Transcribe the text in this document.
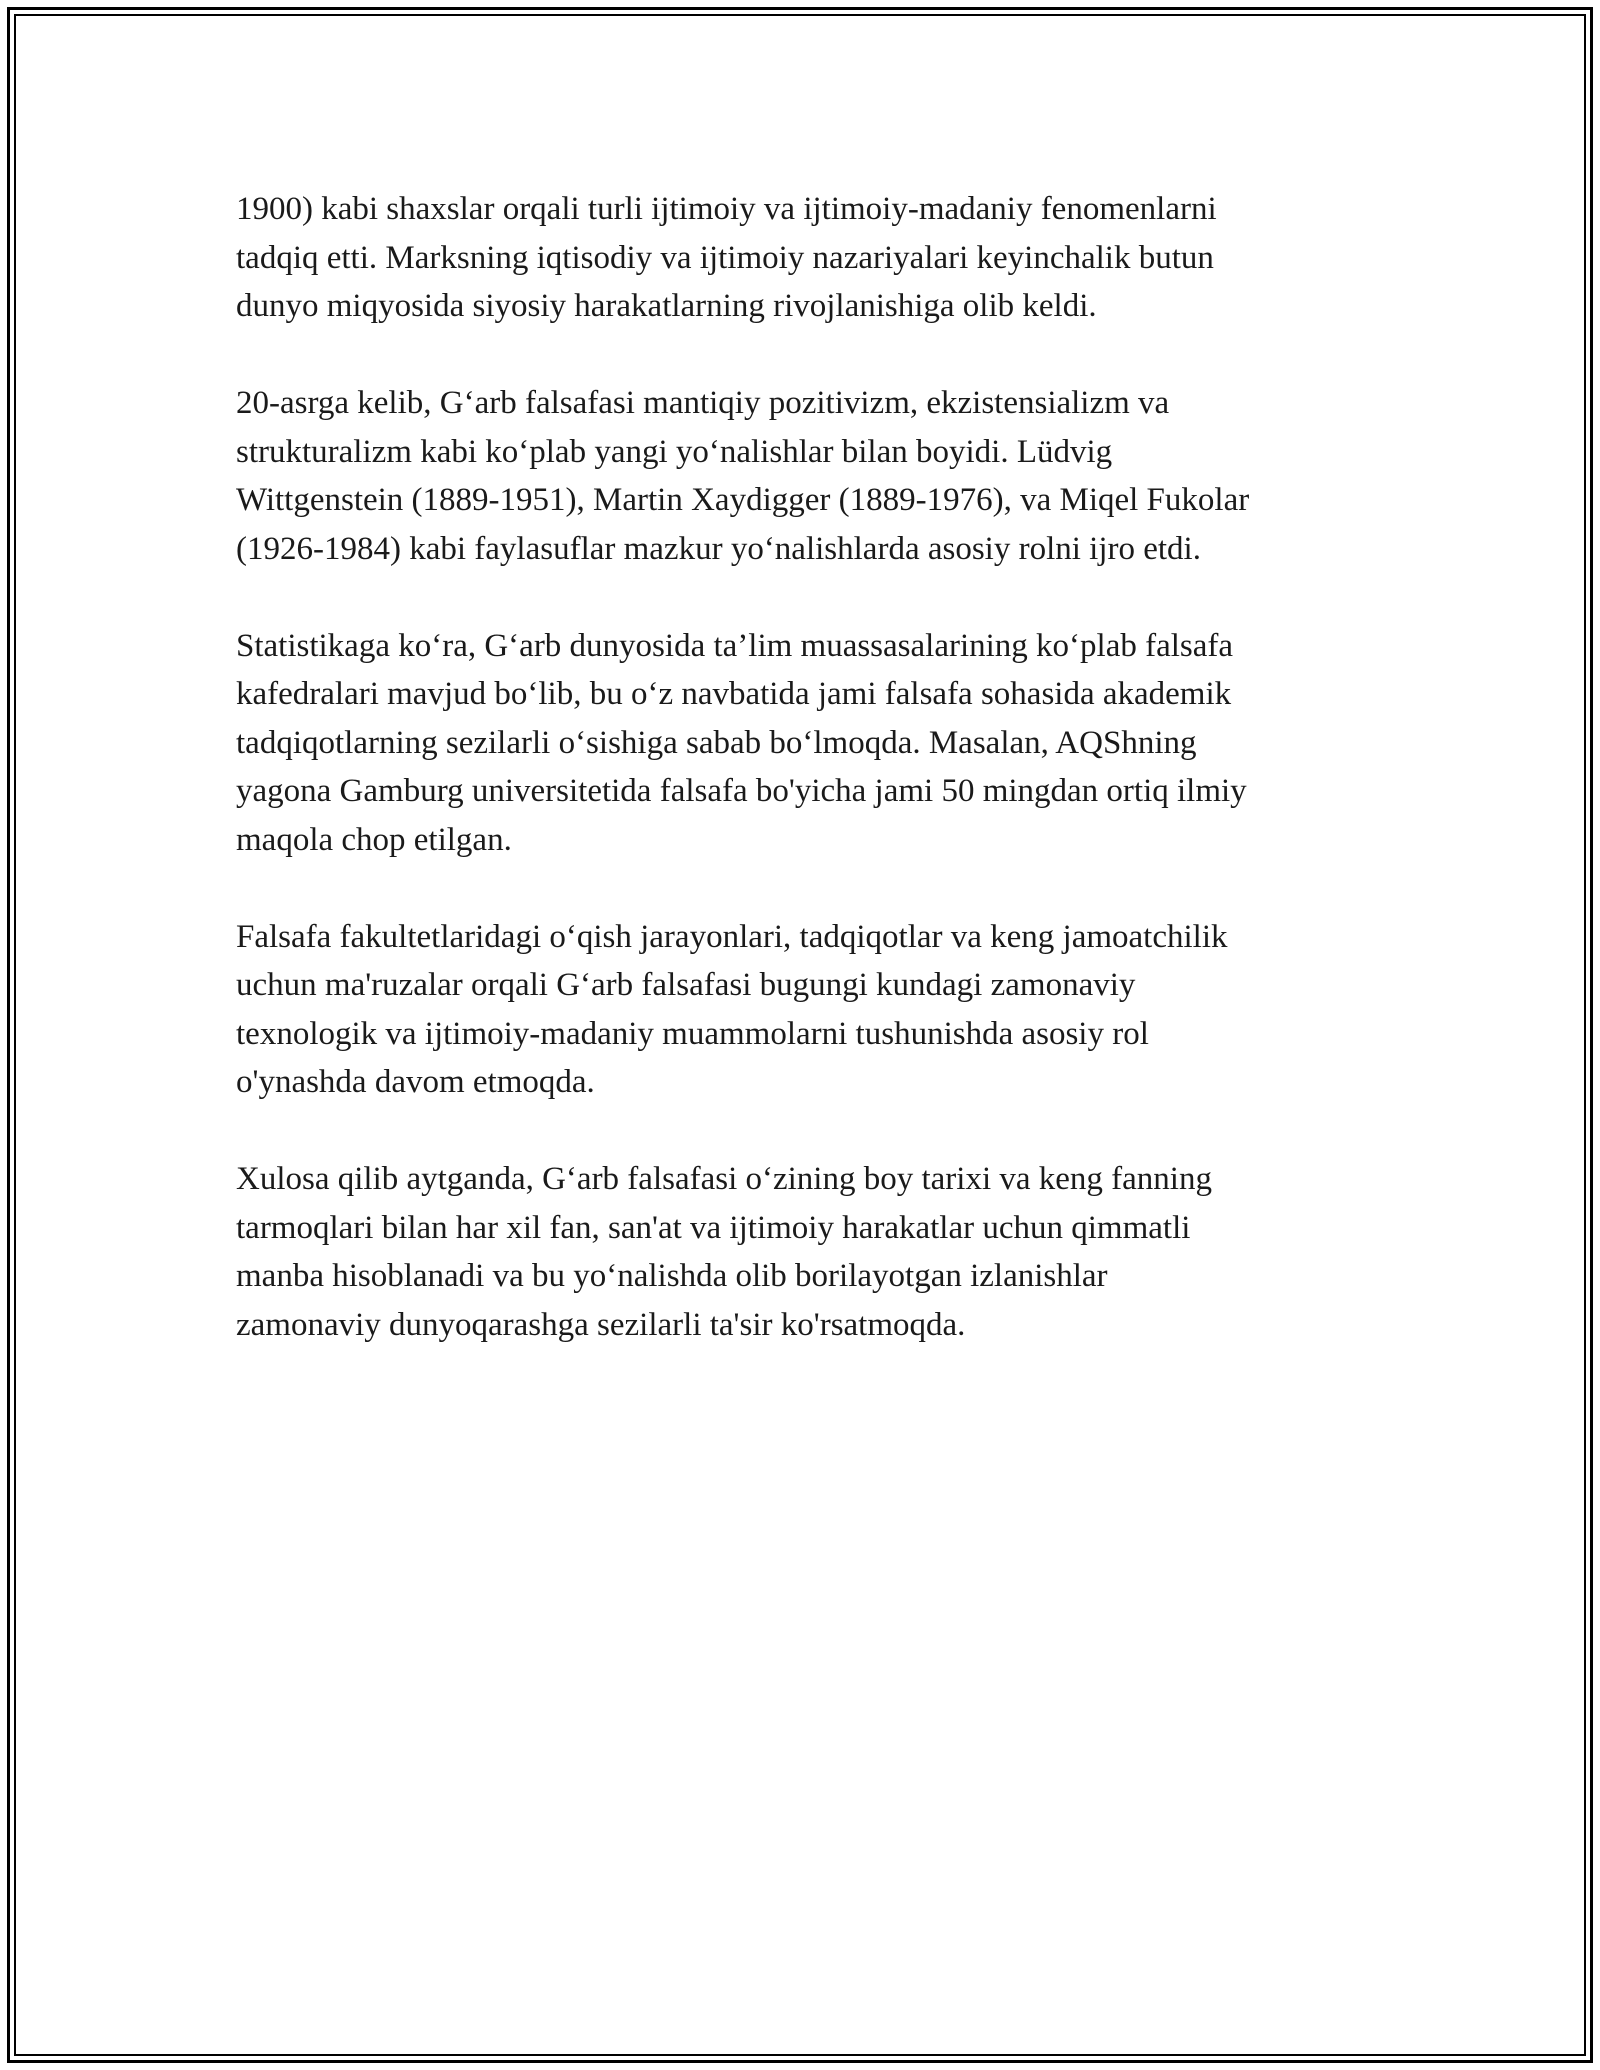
1900) kabi shaxslar orqali turli ijtimoiy va ijtimoiy-madaniy fenomenlarni
tadqiq etti. Marksning iqtisodiy va ijtimoiy nazariyalari keyinchalik butun
dunyo miqyosida siyosiy harakatlarning rivojlanishiga olib keldi.

20-asrga kelib, G‘arb falsafasi mantiqiy pozitivizm, ekzistensializm va
strukturalizm kabi ko‘plab yangi yo‘nalishlar bilan boyidi. Lüdvig
Wittgenstein (1889-1951), Martin Xaydigger (1889-1976), va Miqel Fukolar
(1926-1984) kabi faylasuflar mazkur yo‘nalishlarda asosiy rolni ijro etdi.

Statistikaga ko‘ra, G‘arb dunyosida ta’lim muassasalarining ko‘plab falsafa
kafedralari mavjud bo‘lib, bu o‘z navbatida jami falsafa sohasida akademik
tadqiqotlarning sezilarli o‘sishiga sabab bo‘lmoqda. Masalan, AQShning
yagona Gamburg universitetida falsafa bo'yicha jami 50 mingdan ortiq ilmiy
maqola chop etilgan.

Falsafa fakultetlaridagi o‘qish jarayonlari, tadqiqotlar va keng jamoatchilik
uchun ma'ruzalar orqali G‘arb falsafasi bugungi kundagi zamonaviy
texnologik va ijtimoiy-madaniy muammolarni tushunishda asosiy rol
o'ynashda davom etmoqda.

Xulosa qilib aytganda, G‘arb falsafasi o‘zining boy tarixi va keng fanning
tarmoqlari bilan har xil fan, san'at va ijtimoiy harakatlar uchun qimmatli
manba hisoblanadi va bu yo‘nalishda olib borilayotgan izlanishlar
zamonaviy dunyoqarashga sezilarli ta'sir ko'rsatmoqda.
